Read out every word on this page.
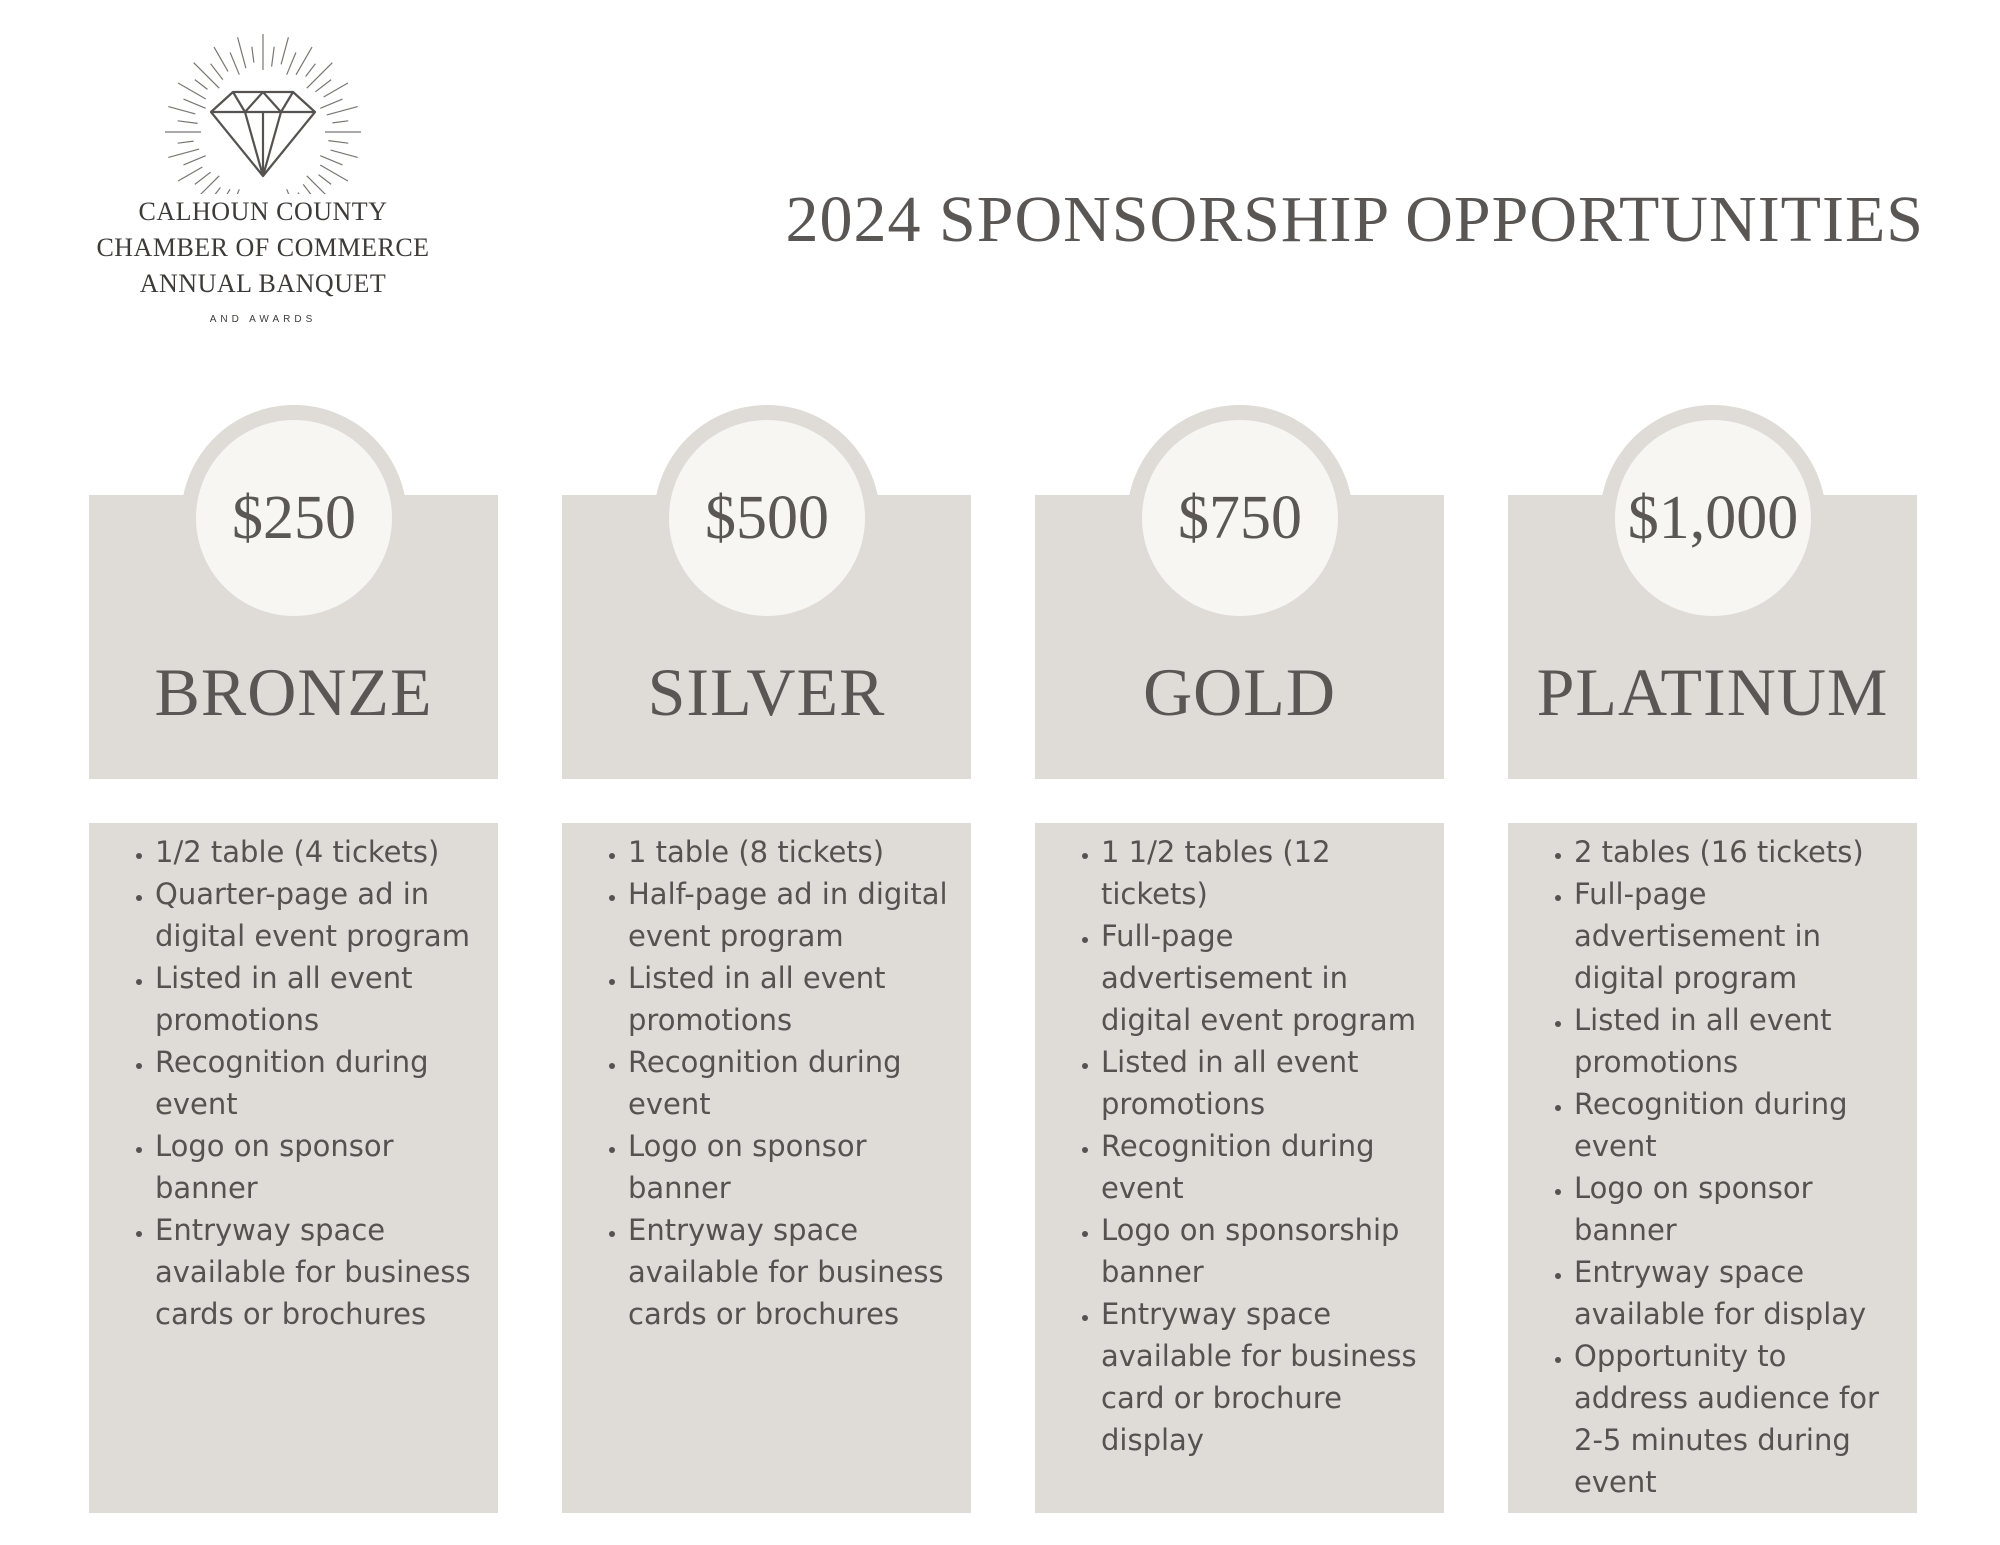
CALHOUN COUNTY
CHAMBER OF COMMERCE
ANNUAL BANQUET
AND AWARDS
2024 SPONSORSHIP OPPORTUNITIES
$250
BRONZE
• 1/2 table (4 tickets)
• Quarter-page ad in digital event program
• Listed in all event promotions
• Recognition during event
• Logo on sponsor banner
• Entryway space available for business cards or brochures
$500
SILVER
• 1 table (8 tickets)
• Half-page ad in digital event program
• Listed in all event promotions
• Recognition during event
• Logo on sponsor banner
• Entryway space available for business cards or brochures
$750
GOLD
• 1 1/2 tables (12 tickets)
• Full-page advertisement in digital event program
• Listed in all event promotions
• Recognition during event
• Logo on sponsorship banner
• Entryway space available for business card or brochure display
$1,000
PLATINUM
• 2 tables (16 tickets)
• Full-page advertisement in digital program
• Listed in all event promotions
• Recognition during event
• Logo on sponsor banner
• Entryway space available for display
• Opportunity to address audience for 2-5 minutes during event
